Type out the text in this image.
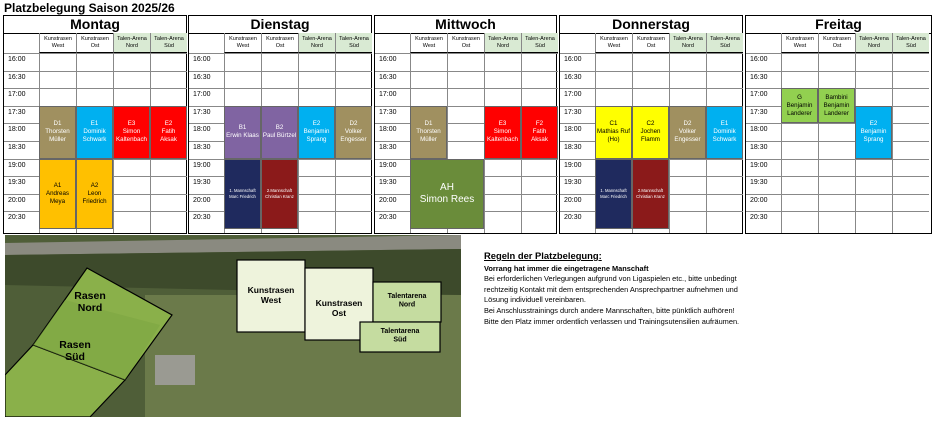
Platzbelegung Saison 2025/26
Montag
Kunstrasen West
Kunstrasen Ost
Talen-Arena Nord
Talen-Arena Süd
16:00
16:30
17:00
17:30
18:00
18:30
19:00
19:30
20:00
20:30
D1
Thorsten
Müller
E1
Dominik
Schwark
E3
Simon
Kaltenbach
E2
Fatih
Aksak
A1
Andreas
Meya
A2
Leon
Friedrich
Dienstag
Kunstrasen West
Kunstrasen Ost
Talen-Arena Nord
Talen-Arena Süd
16:00
16:30
17:00
17:30
18:00
18:30
19:00
19:30
20:00
20:30
B1
Erwin Klaas
B2
Paul Bürtzel
E2
Benjamin
Sprang
D2
Volker
Engesser
1. Mannschaft
Marc Friedrich
2.Mannschaft
Christian Kranz
Mittwoch
Kunstrasen West
Kunstrasen Ost
Talen-Arena Nord
Talen-Arena Süd
16:00
16:30
17:00
17:30
18:00
18:30
19:00
19:30
20:00
20:30
D1
Thorsten
Müller
E3
Simon
Kaltenbach
F2
Fatih
Aksak
AH
Simon Rees
Donnerstag
Kunstrasen West
Kunstrasen Ost
Talen-Arena Nord
Talen-Arena Süd
16:00
16:30
17:00
17:30
18:00
18:30
19:00
19:30
20:00
20:30
C1
Mathias Ruf
(Ho)
C2
Jochen
Flamm
D2
Volker
Engesser
E1
Dominik
Schwark
1. Mannschaft
Marc Friedrich
2.Mannschaft
Christian Kranz
Freitag
Kunstrasen West
Kunstrasen Ost
Talen-Arena Nord
Talen-Arena Süd
16:00
16:30
17:00
17:30
18:00
18:30
19:00
19:30
20:00
20:30
G
Benjamin
Landerer
Bambini
Benjamin
Landerer
E2
Benjamin
Sprang
Rasen Nord
Rasen Süd
Kunstrasen West	Kunstrasen Ost
Talentarena Nord
Talentarena Süd
Regeln der Platzbelegung:
Vorrang hat immer die eingetragene Manschaft
Bei erforderlichen Verlegungen aufgrund von Ligaspielen etc., bitte unbedingt
rechtzeitig Kontakt mit dem entsprechenden Ansprechpartner aufnehmen und
Lösung individuell vereinbaren.
Bei Anschlusstrainings durch andere Mannschaften, bitte pünktlich aufhören!
Bitte den Platz immer ordentlich verlassen und Trainingsutensilien aufräumen.
